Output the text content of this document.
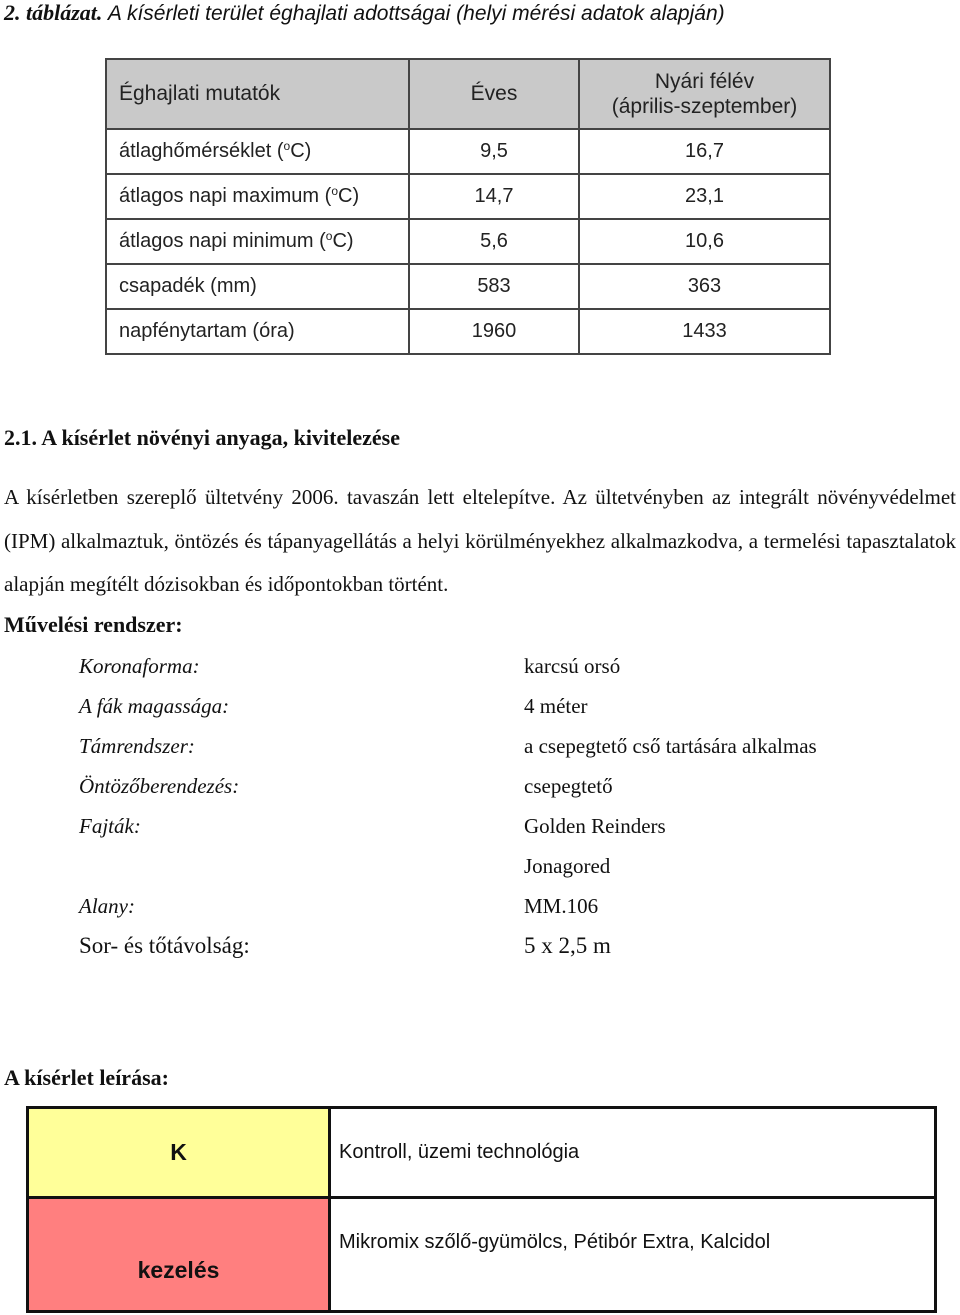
2. táblázat. A kísérleti terület éghajlati adottságai (helyi mérési adatok alapján)
Éghajlati mutatók	Éves	Nyári félév
(április-szeptember)

átlaghőmérséklet ($^o$C)	9,5	16,7
átlagos napi maximum ($^o$C)	14,7	23,1
átlagos napi minimum ($^o$C)	5,6	10,6
csapadék (mm)	583	363
napfénytartam (óra)	1960	1433
2.1. A kísérlet növényi anyaga, kivitelezése
A kísérletben szereplő ültetvény 2006. tavaszán lett eltelepítve. Az ültetvényben az integrált növényvédelmet (IPM) alkalmaztuk, öntözés és tápanyagellátás a helyi körülményekhez alkalmazkodva, a termelési tapasztalatok alapján megítélt dózisokban és időpontokban történt.
Művelési rendszer:
Koronaforma:	karcsú orsó
A fák magassága:	4 méter
Támrendszer:	a csepegtető cső tartására alkalmas
Öntözőberendezés:	csepegtető
Fajták:	Golden Reinders
Jonagored
Alany:	MM.106
Sor- és tőtávolság:	5 x 2,5 m
A kísérlet leírása:
K	Kontroll, üzemi technológia
kezelés	Mikromix szőlő-gyümölcs, Pétibór Extra, Kalcidol
